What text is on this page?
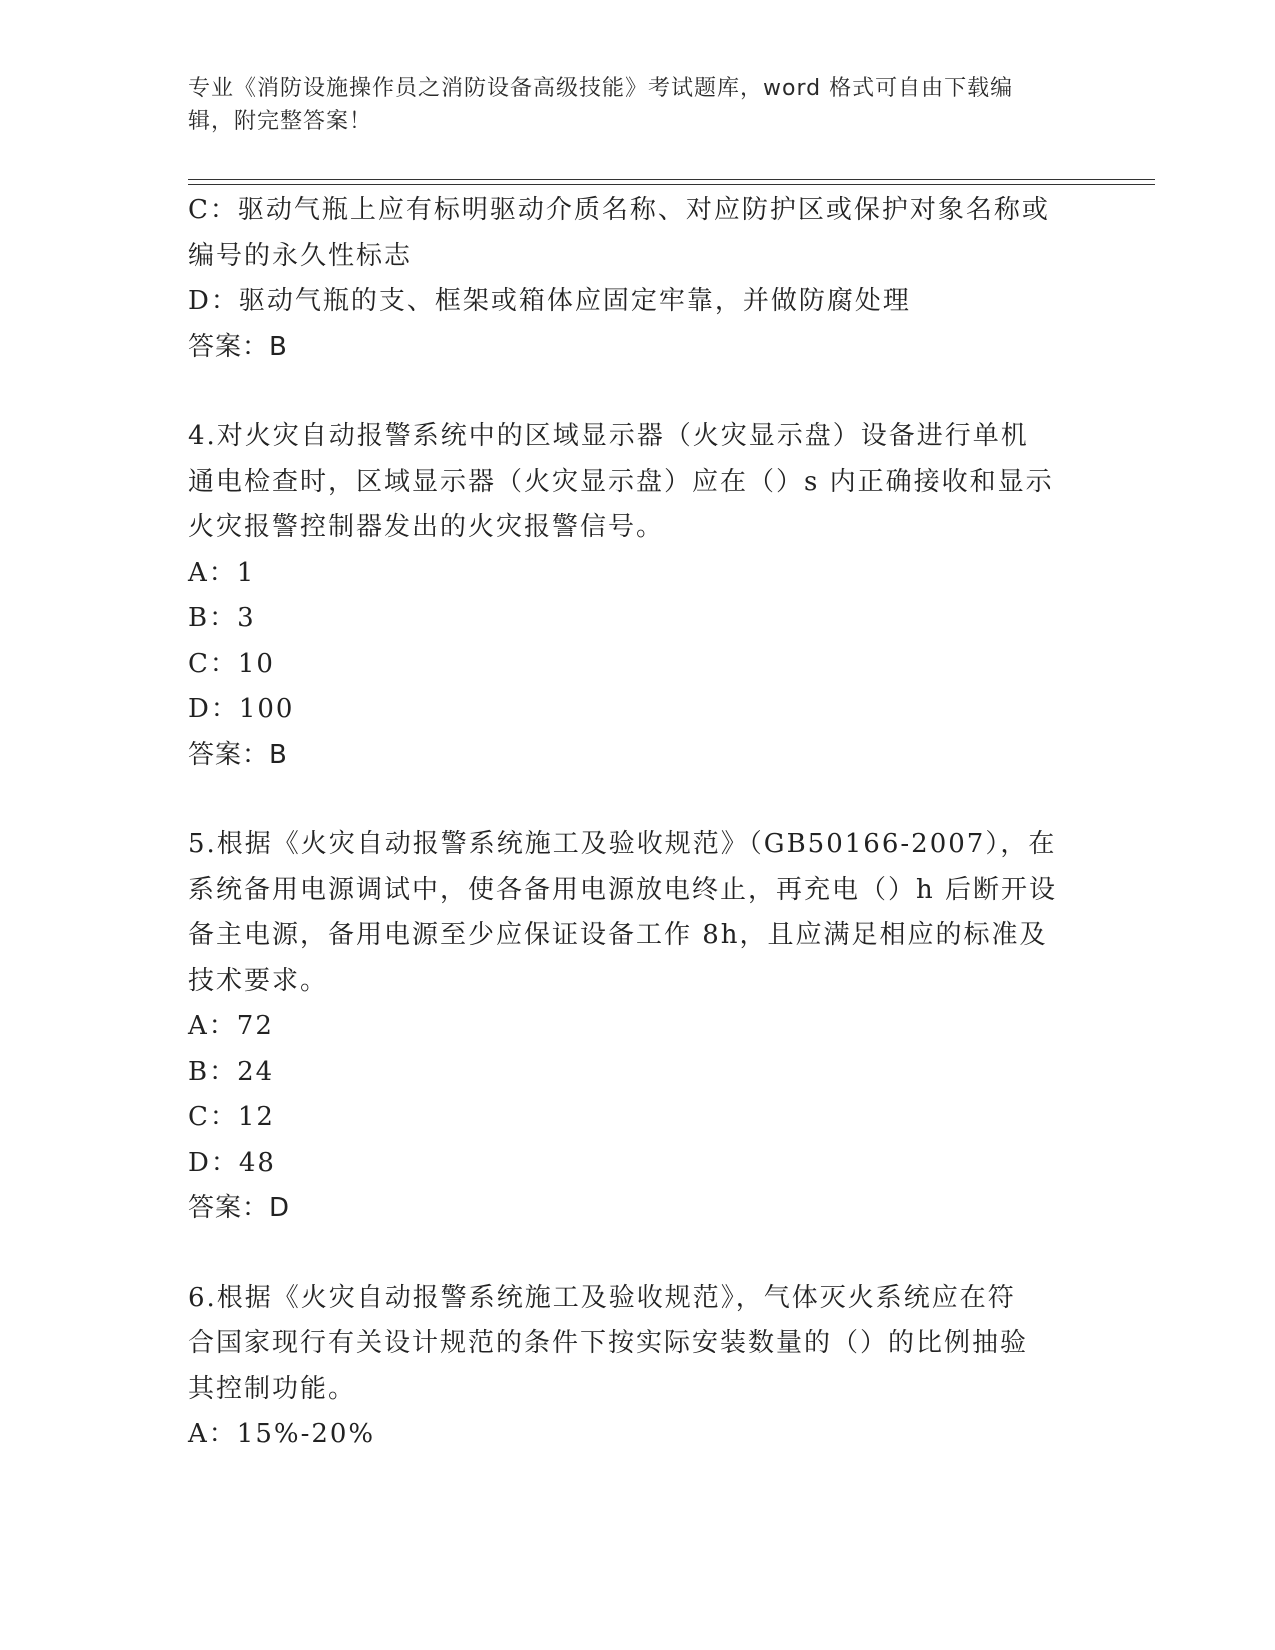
专业《消防设施操作员之消防设备高级技能》考试题库，word 格式可自由下载编
辑，附完整答案！
C：驱动气瓶上应有标明驱动介质名称、对应防护区或保护对象名称或
编号的永久性标志
D：驱动气瓶的支、框架或箱体应固定牢靠，并做防腐处理
答案：B
4.对火灾自动报警系统中的区域显示器（火灾显示盘）设备进行单机
通电检查时，区域显示器（火灾显示盘）应在（）s 内正确接收和显示
火灾报警控制器发出的火灾报警信号。
A：1
B：3
C：10
D：100
答案：B
5.根据《火灾自动报警系统施工及验收规范》（GB50166-2007），在
系统备用电源调试中，使各备用电源放电终止，再充电（）h 后断开设
备主电源，备用电源至少应保证设备工作 8h，且应满足相应的标准及
技术要求。
A：72
B：24
C：12
D：48
答案：D
6.根据《火灾自动报警系统施工及验收规范》，气体灭火系统应在符
合国家现行有关设计规范的条件下按实际安装数量的（）的比例抽验
其控制功能。
A：15%-20%
